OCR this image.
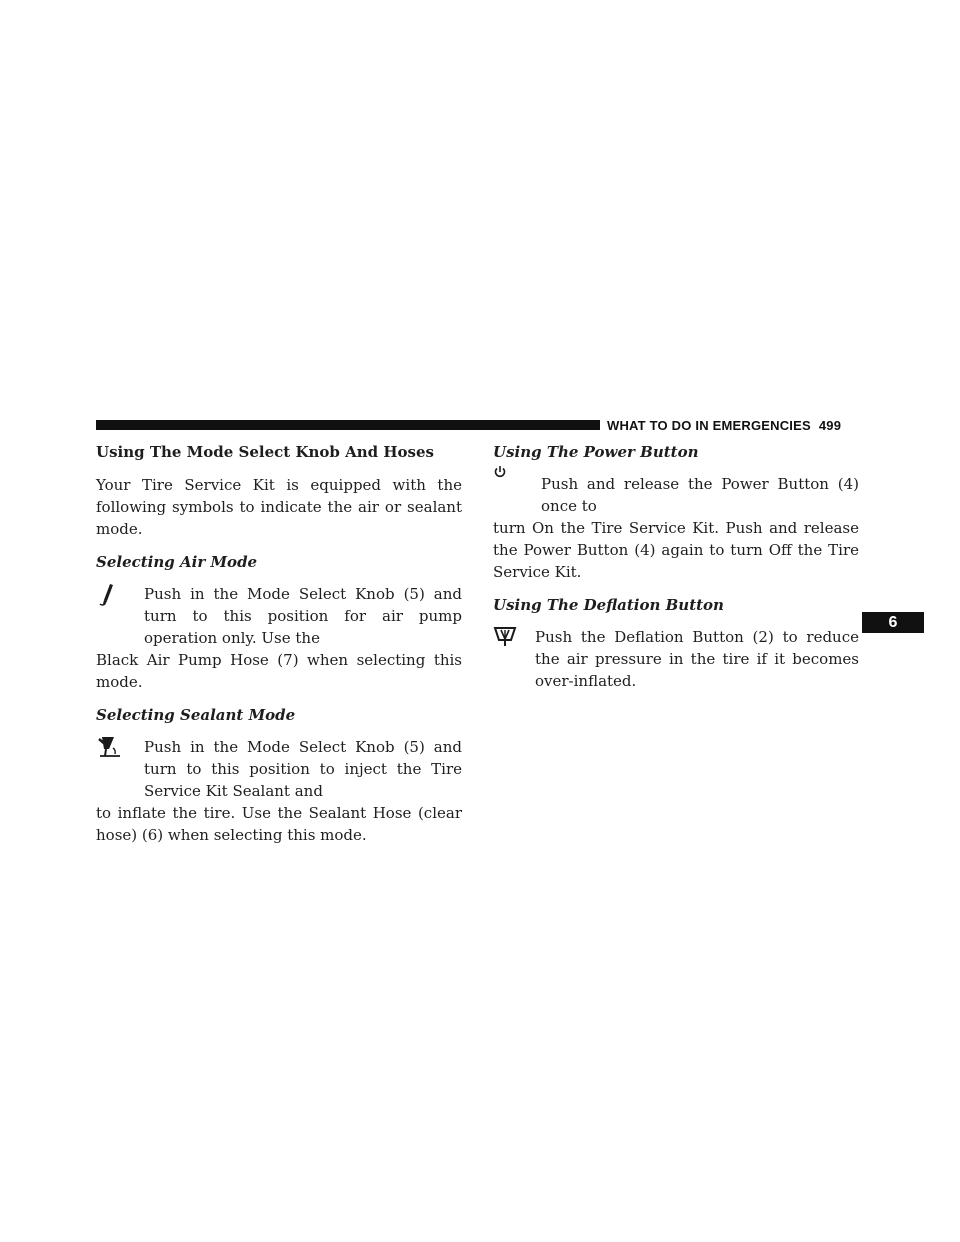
WHAT TO DO IN EMERGENCIES 499
6
Using The Mode Select Knob And Hoses

Your Tire Service Kit is equipped with the following symbols to indicate the air or sealant mode.

Selecting Air Mode
Push in the Mode Select Knob (5) and turn to this position for air pump operation only. Use the
Black Air Pump Hose (7) when selecting this mode.
Selecting Sealant Mode
Push in the Mode Select Knob (5) and turn to this position to inject the Tire Service Kit Sealant and
to inflate the tire. Use the Sealant Hose (clear hose) (6) when selecting this mode.
Using The Power Button
Push and release the Power Button (4) once to
turn On the Tire Service Kit. Push and release the Power Button (4) again to turn Off the Tire Service Kit.
Using The Deflation Button
Push the Deflation Button (2) to reduce the air pressure in the tire if it becomes over-inflated.
